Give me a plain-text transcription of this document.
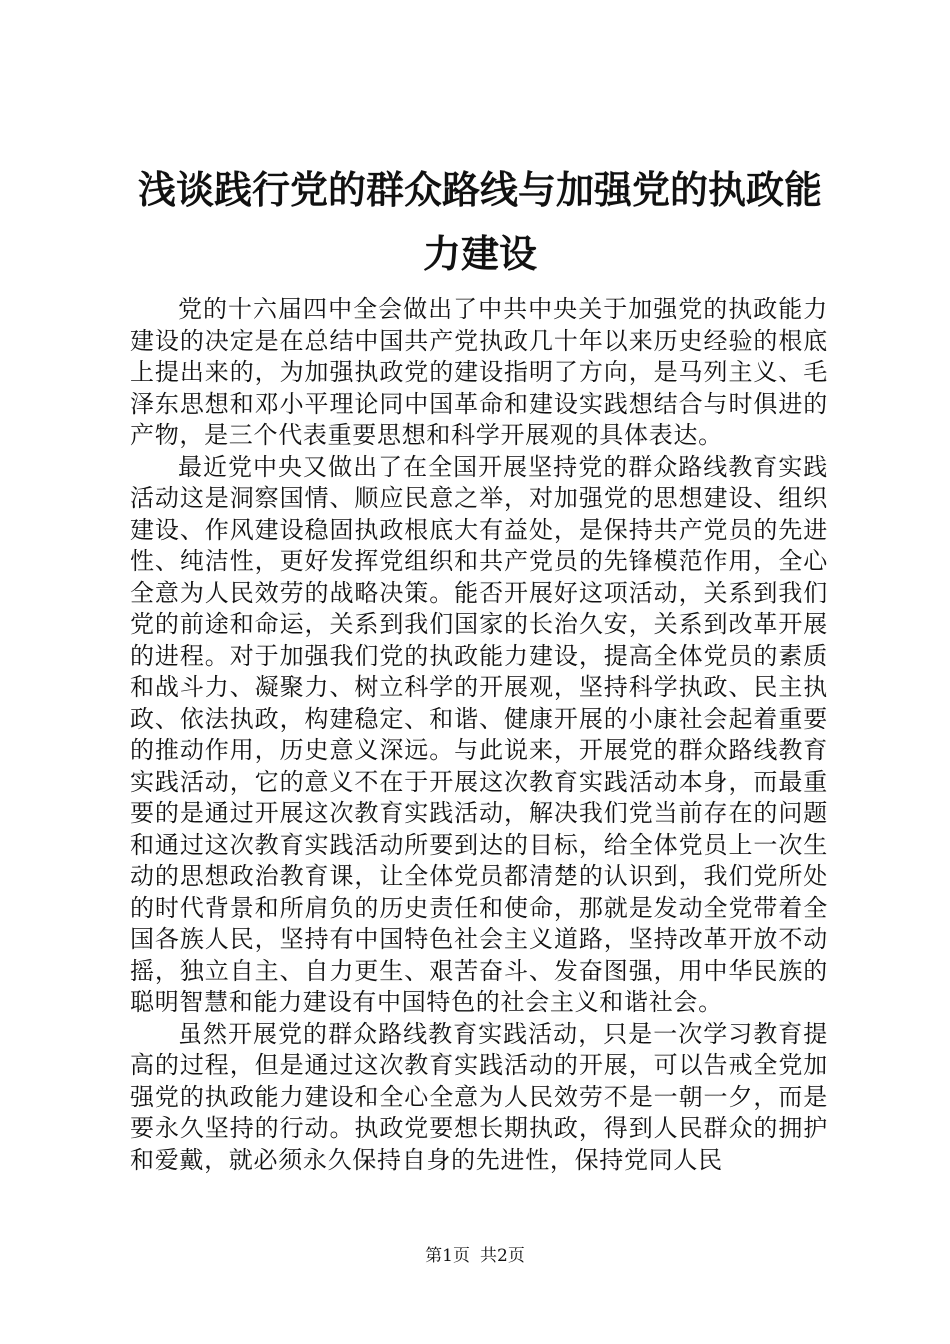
浅谈践行党的群众路线与加强党的执政能力建设

党的十六届四中全会做出了中共中央关于加强党的执政能力建设的决定是在总结中国共产党执政几十年以来历史经验的根底上提出来的，为加强执政党的建设指明了方向，是马列主义、毛泽东思想和邓小平理论同中国革命和建设实践想结合与时俱进的产物，是三个代表重要思想和科学开展观的具体表达。

最近党中央又做出了在全国开展坚持党的群众路线教育实践活动这是洞察国情、顺应民意之举，对加强党的思想建设、组织建设、作风建设稳固执政根底大有益处，是保持共产党员的先进性、纯洁性，更好发挥党组织和共产党员的先锋模范作用，全心全意为人民效劳的战略决策。能否开展好这项活动，关系到我们党的前途和命运，关系到我们国家的长治久安，关系到改革开展的进程。对于加强我们党的执政能力建设，提高全体党员的素质和战斗力、凝聚力、树立科学的开展观，坚持科学执政、民主执政、依法执政，构建稳定、和谐、健康开展的小康社会起着重要的推动作用，历史意义深远。与此说来，开展党的群众路线教育实践活动，它的意义不在于开展这次教育实践活动本身，而最重要的是通过开展这次教育实践活动，解决我们党当前存在的问题和通过这次教育实践活动所要到达的目标，给全体党员上一次生动的思想政治教育课，让全体党员都清楚的认识到，我们党所处的时代背景和所肩负的历史责任和使命，那就是发动全党带着全国各族人民，坚持有中国特色社会主义道路，坚持改革开放不动摇，独立自主、自力更生、艰苦奋斗、发奋图强，用中华民族的聪明智慧和能力建设有中国特色的社会主义和谐社会。

虽然开展党的群众路线教育实践活动，只是一次学习教育提高的过程，但是通过这次教育实践活动的开展，可以告戒全党加强党的执政能力建设和全心全意为人民效劳不是一朝一夕，而是要永久坚持的行动。执政党要想长期执政，得到人民群众的拥护和爱戴，就必须永久保持自身的先进性，保持党同人民

第1页 共2页
